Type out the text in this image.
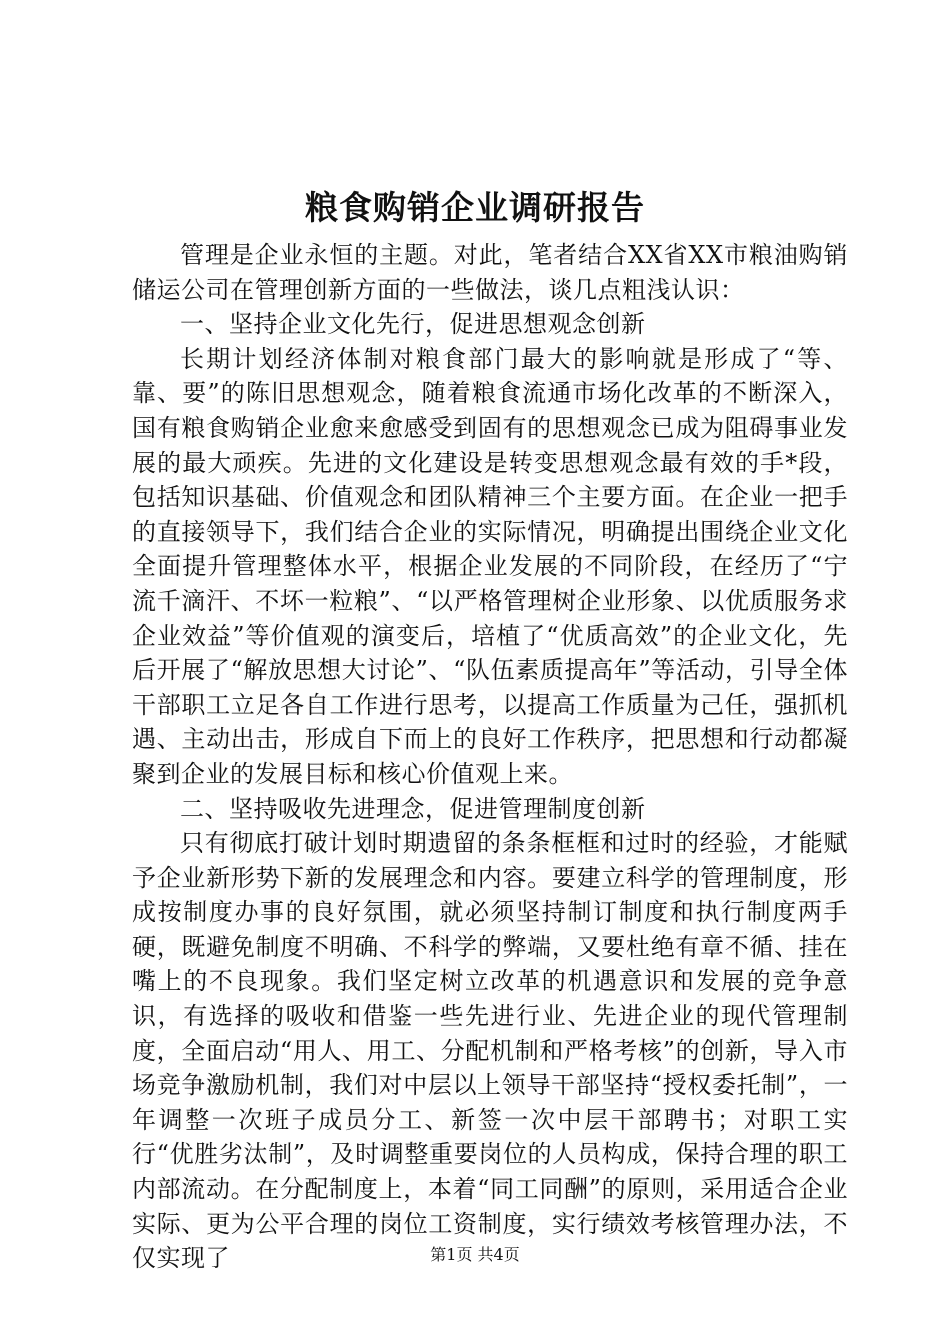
粮食购销企业调研报告

管理是企业永恒的主题。对此，笔者结合XX省XX市粮油购销储运公司在管理创新方面的一些做法，谈几点粗浅认识：

一、坚持企业文化先行，促进思想观念创新

长期计划经济体制对粮食部门最大的影响就是形成了“等、靠、要”的陈旧思想观念，随着粮食流通市场化改革的不断深入，国有粮食购销企业愈来愈感受到固有的思想观念已成为阻碍事业发展的最大顽疾。先进的文化建设是转变思想观念最有效的手*段，包括知识基础、价值观念和团队精神三个主要方面。在企业一把手的直接领导下，我们结合企业的实际情况，明确提出围绕企业文化全面提升管理整体水平，根据企业发展的不同阶段，在经历了“宁流千滴汗、不坏一粒粮”、“以严格管理树企业形象、以优质服务求企业效益”等价值观的演变后，培植了“优质高效”的企业文化，先后开展了“解放思想大讨论”、“队伍素质提高年”等活动，引导全体干部职工立足各自工作进行思考，以提高工作质量为己任，强抓机遇、主动出击，形成自下而上的良好工作秩序，把思想和行动都凝聚到企业的发展目标和核心价值观上来。

二、坚持吸收先进理念，促进管理制度创新

只有彻底打破计划时期遗留的条条框框和过时的经验，才能赋予企业新形势下新的发展理念和内容。要建立科学的管理制度，形成按制度办事的良好氛围，就必须坚持制订制度和执行制度两手硬，既避免制度不明确、不科学的弊端，又要杜绝有章不循、挂在嘴上的不良现象。我们坚定树立改革的机遇意识和发展的竞争意识，有选择的吸收和借鉴一些先进行业、先进企业的现代管理制度，全面启动“用人、用工、分配机制和严格考核”的创新，导入市场竞争激励机制，我们对中层以上领导干部坚持“授权委托制”，一年调整一次班子成员分工、新签一次中层干部聘书；对职工实行“优胜劣汰制”，及时调整重要岗位的人员构成，保持合理的职工内部流动。在分配制度上，本着“同工同酬”的原则，采用适合企业实际、更为公平合理的岗位工资制度，实行绩效考核管理办法，不仅实现了	第1页 共4页
